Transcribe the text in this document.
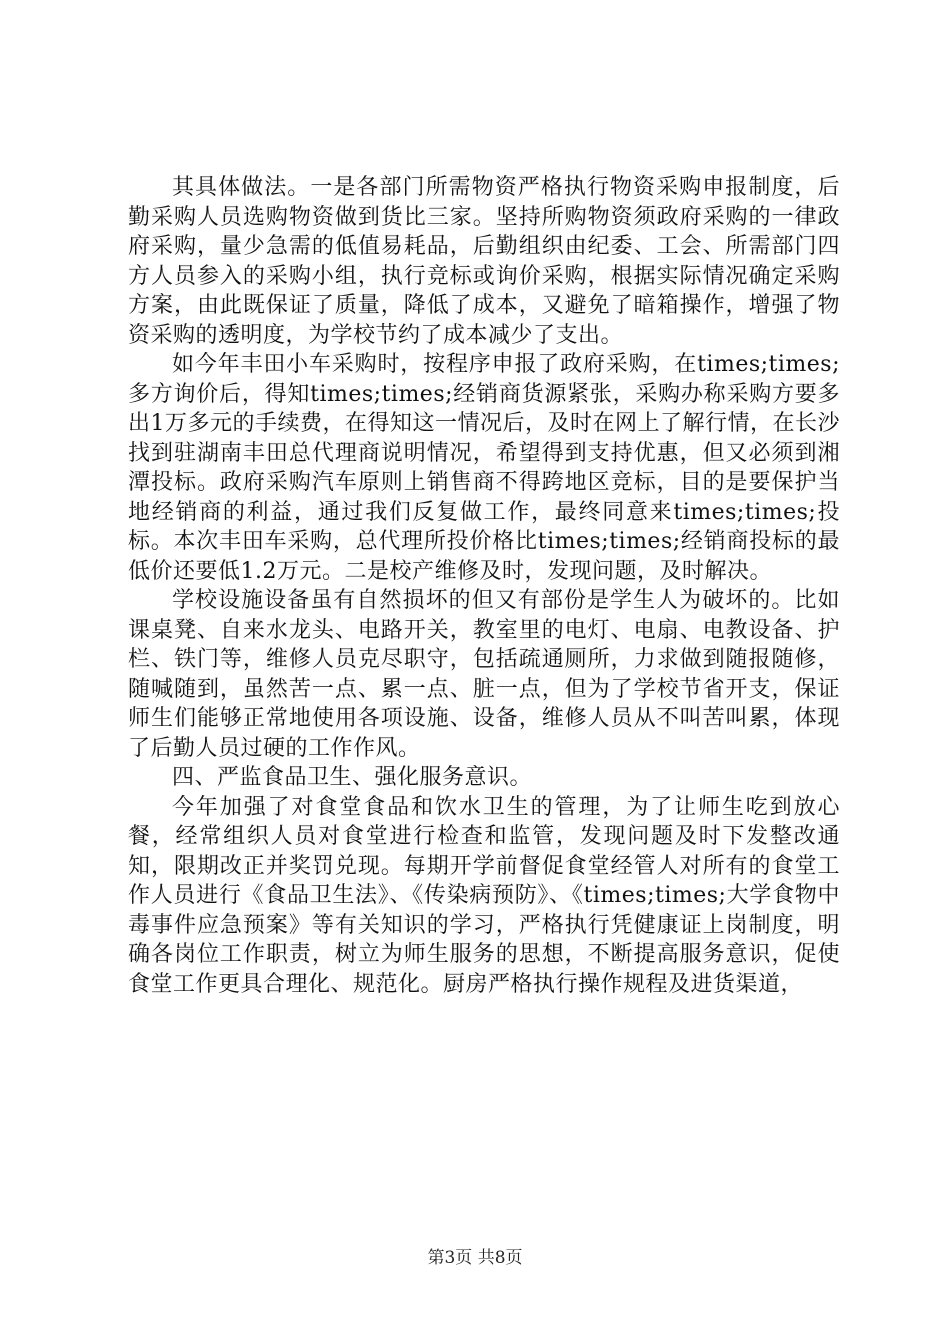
其具体做法。一是各部门所需物资严格执行物资采购申报制度，后勤采购人员选购物资做到货比三家。坚持所购物资须政府采购的一律政府采购，量少急需的低值易耗品，后勤组织由纪委、工会、所需部门四方人员参入的采购小组，执行竞标或询价采购，根据实际情况确定采购方案，由此既保证了质量，降低了成本，又避免了暗箱操作，增强了物资采购的透明度，为学校节约了成本减少了支出。

如今年丰田小车采购时，按程序申报了政府采购，在times;times;多方询价后，得知times;times;经销商货源紧张，采购办称采购方要多出1万多元的手续费，在得知这一情况后，及时在网上了解行情，在长沙找到驻湖南丰田总代理商说明情况，希望得到支持优惠，但又必须到湘潭投标。政府采购汽车原则上销售商不得跨地区竞标，目的是要保护当地经销商的利益，通过我们反复做工作，最终同意来times;times;投标。本次丰田车采购，总代理所投价格比times;times;经销商投标的最低价还要低1.2万元。二是校产维修及时，发现问题，及时解决。

学校设施设备虽有自然损坏的但又有部份是学生人为破坏的。比如课桌凳、自来水龙头、电路开关，教室里的电灯、电扇、电教设备、护栏、铁门等，维修人员克尽职守，包括疏通厕所，力求做到随报随修，随喊随到，虽然苦一点、累一点、脏一点，但为了学校节省开支，保证师生们能够正常地使用各项设施、设备，维修人员从不叫苦叫累，体现了后勤人员过硬的工作作风。

四、严监食品卫生、强化服务意识。

今年加强了对食堂食品和饮水卫生的管理，为了让师生吃到放心餐，经常组织人员对食堂进行检查和监管，发现问题及时下发整改通知，限期改正并奖罚兑现。每期开学前督促食堂经管人对所有的食堂工作人员进行《食品卫生法》、《传染病预防》、《times;times;大学食物中毒事件应急预案》等有关知识的学习，严格执行凭健康证上岗制度，明确各岗位工作职责，树立为师生服务的思想，不断提高服务意识，促使食堂工作更具合理化、规范化。厨房严格执行操作规程及进货渠道，

第3页 共8页
